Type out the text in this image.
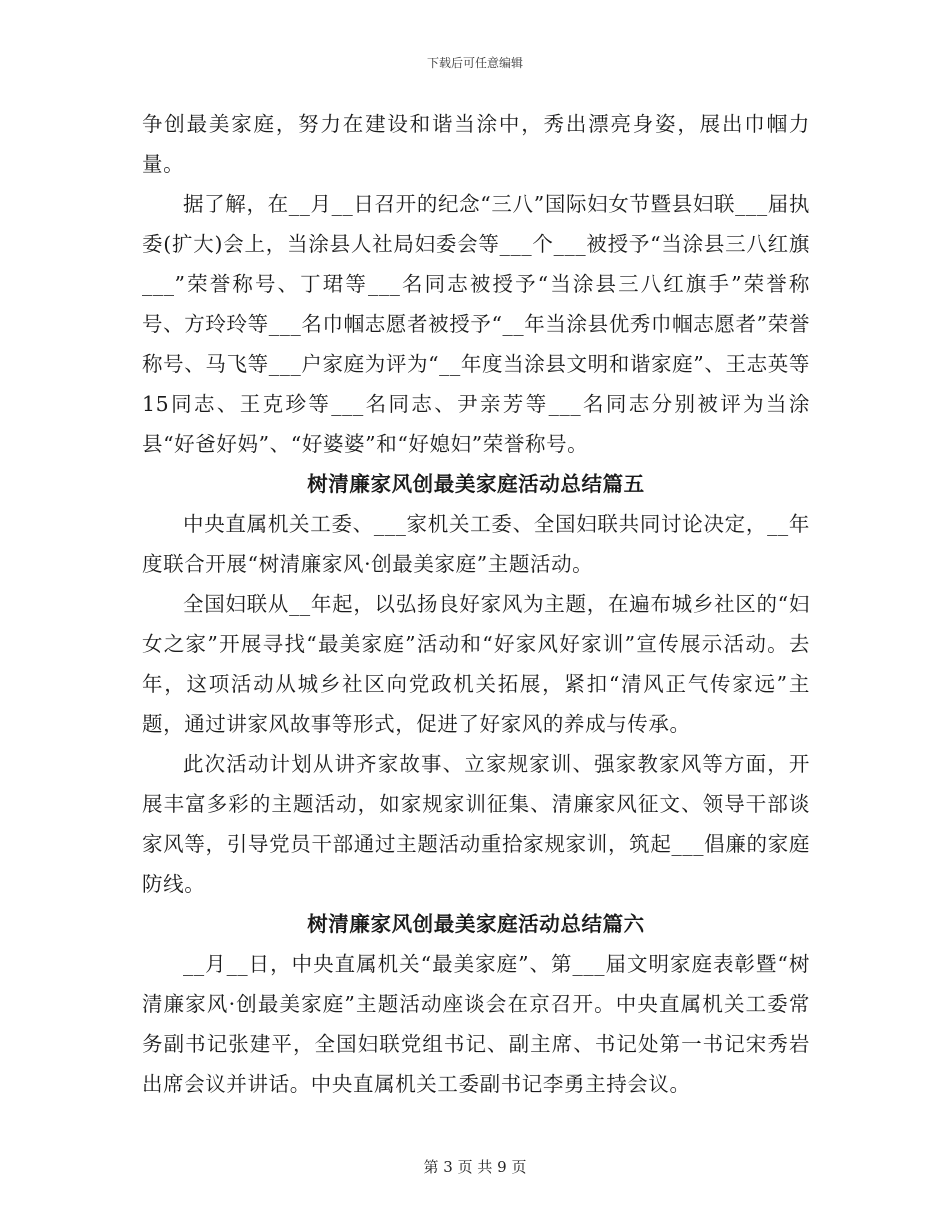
下载后可任意编辑

争创最美家庭，努力在建设和谐当涂中，秀出漂亮身姿，展出巾帼力量。

据了解，在__月__日召开的纪念“三八”国际妇女节暨县妇联___届执委(扩大)会上，当涂县人社局妇委会等___个___被授予“当涂县三八红旗___”荣誉称号、丁珺等___名同志被授予“当涂县三八红旗手”荣誉称号、方玲玲等___名巾帼志愿者被授予“__年当涂县优秀巾帼志愿者”荣誉称号、马飞等___户家庭为评为“__年度当涂县文明和谐家庭”、王志英等15同志、王克珍等___名同志、尹亲芳等___名同志分别被评为当涂县“好爸好妈”、“好婆婆”和“好媳妇”荣誉称号。

树清廉家风创最美家庭活动总结篇五

中央直属机关工委、___家机关工委、全国妇联共同讨论决定，__年度联合开展“树清廉家风·创最美家庭”主题活动。

全国妇联从__年起，以弘扬良好家风为主题，在遍布城乡社区的“妇女之家”开展寻找“最美家庭”活动和“好家风好家训”宣传展示活动。去年，这项活动从城乡社区向党政机关拓展，紧扣“清风正气传家远”主题，通过讲家风故事等形式，促进了好家风的养成与传承。

此次活动计划从讲齐家故事、立家规家训、强家教家风等方面，开展丰富多彩的主题活动，如家规家训征集、清廉家风征文、领导干部谈家风等，引导党员干部通过主题活动重拾家规家训，筑起___倡廉的家庭防线。

树清廉家风创最美家庭活动总结篇六

__月__日，中央直属机关“最美家庭”、第___届文明家庭表彰暨“树清廉家风·创最美家庭”主题活动座谈会在京召开。中央直属机关工委常务副书记张建平，全国妇联党组书记、副主席、书记处第一书记宋秀岩出席会议并讲话。中央直属机关工委副书记李勇主持会议。

第 3 页 共 9 页
